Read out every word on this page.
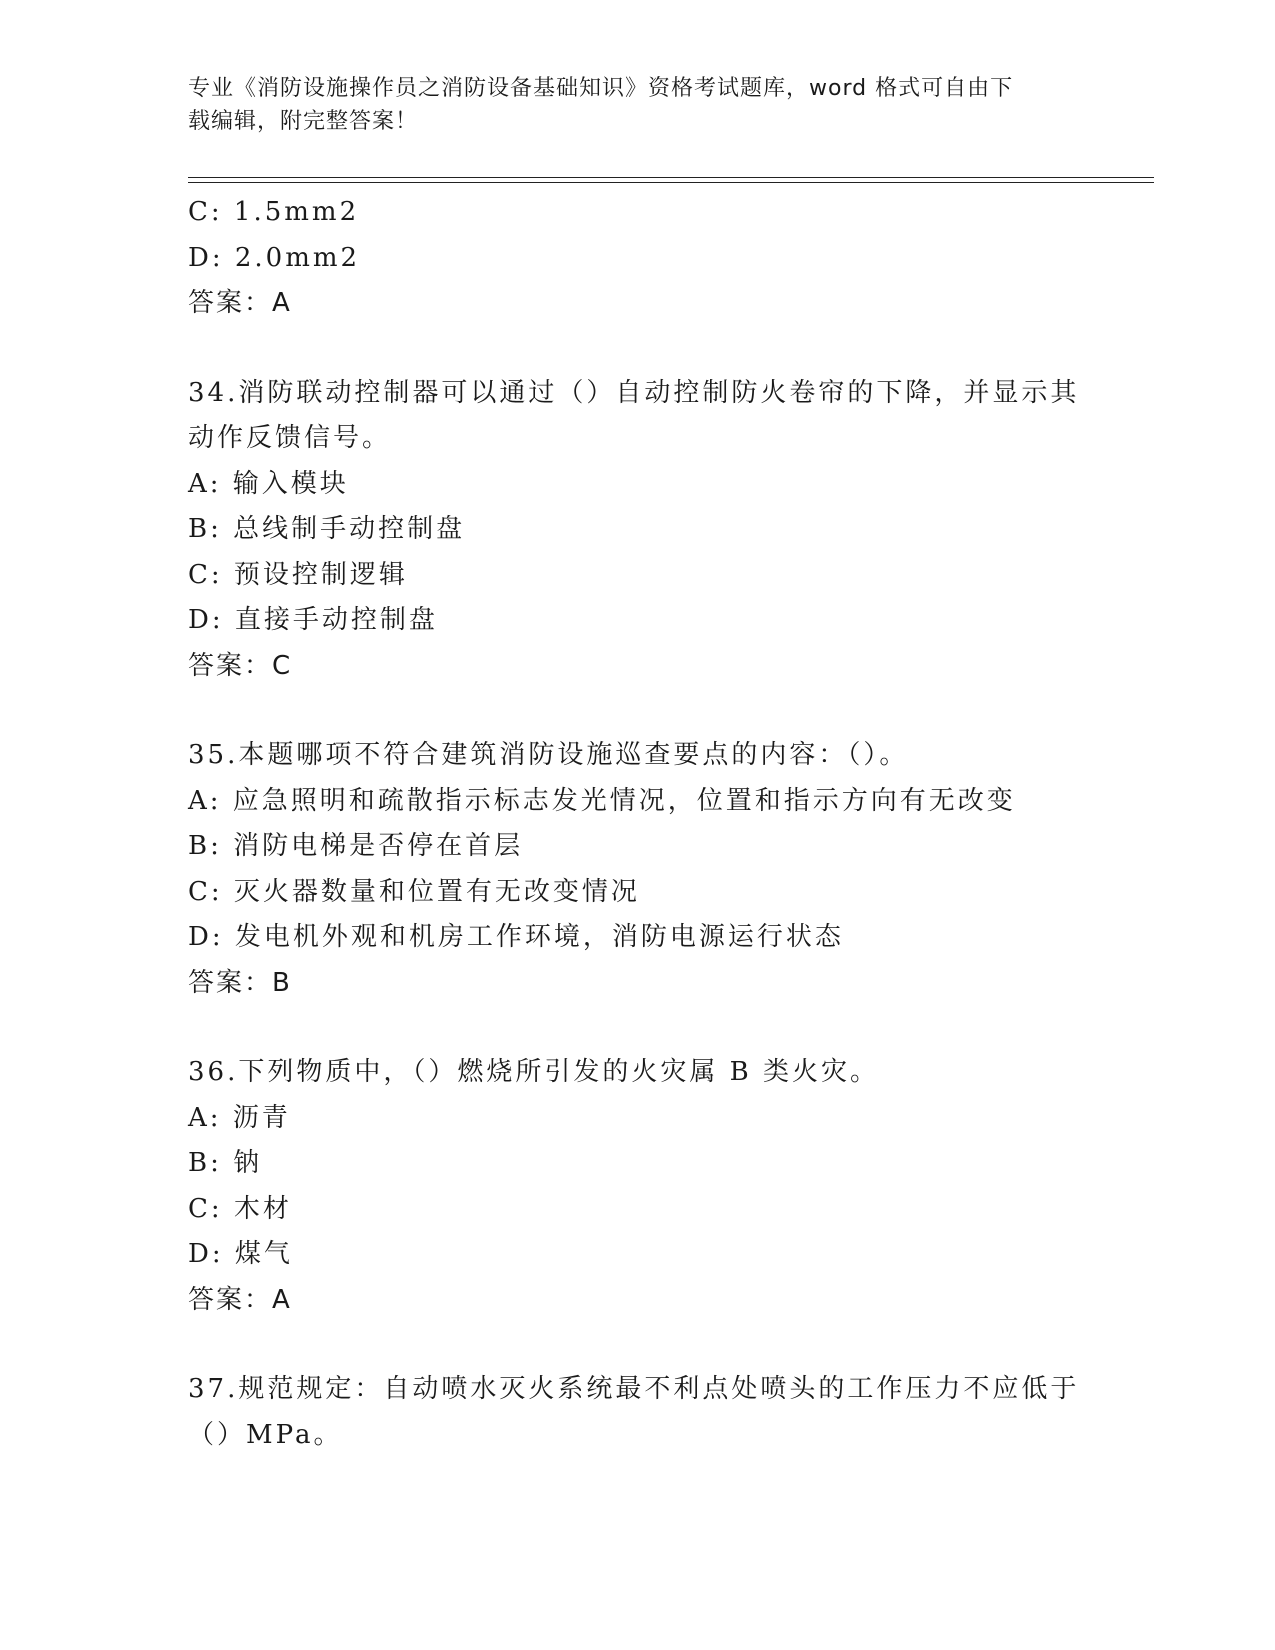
专业《消防设施操作员之消防设备基础知识》资格考试题库，word 格式可自由下
载编辑，附完整答案！
C: 1.5mm2
D: 2.0mm2
答案：A
34.消防联动控制器可以通过（）自动控制防火卷帘的下降，并显示其
动作反馈信号。
A: 输入模块
B: 总线制手动控制盘
C: 预设控制逻辑
D: 直接手动控制盘
答案：C
35.本题哪项不符合建筑消防设施巡查要点的内容：（）。
A: 应急照明和疏散指示标志发光情况，位置和指示方向有无改变
B: 消防电梯是否停在首层
C: 灭火器数量和位置有无改变情况
D: 发电机外观和机房工作环境，消防电源运行状态
答案：B
36.下列物质中，（）燃烧所引发的火灾属 B 类火灾。
A: 沥青
B: 钠
C: 木材
D: 煤气
答案：A
37.规范规定：自动喷水灭火系统最不利点处喷头的工作压力不应低于
（）MPa。
